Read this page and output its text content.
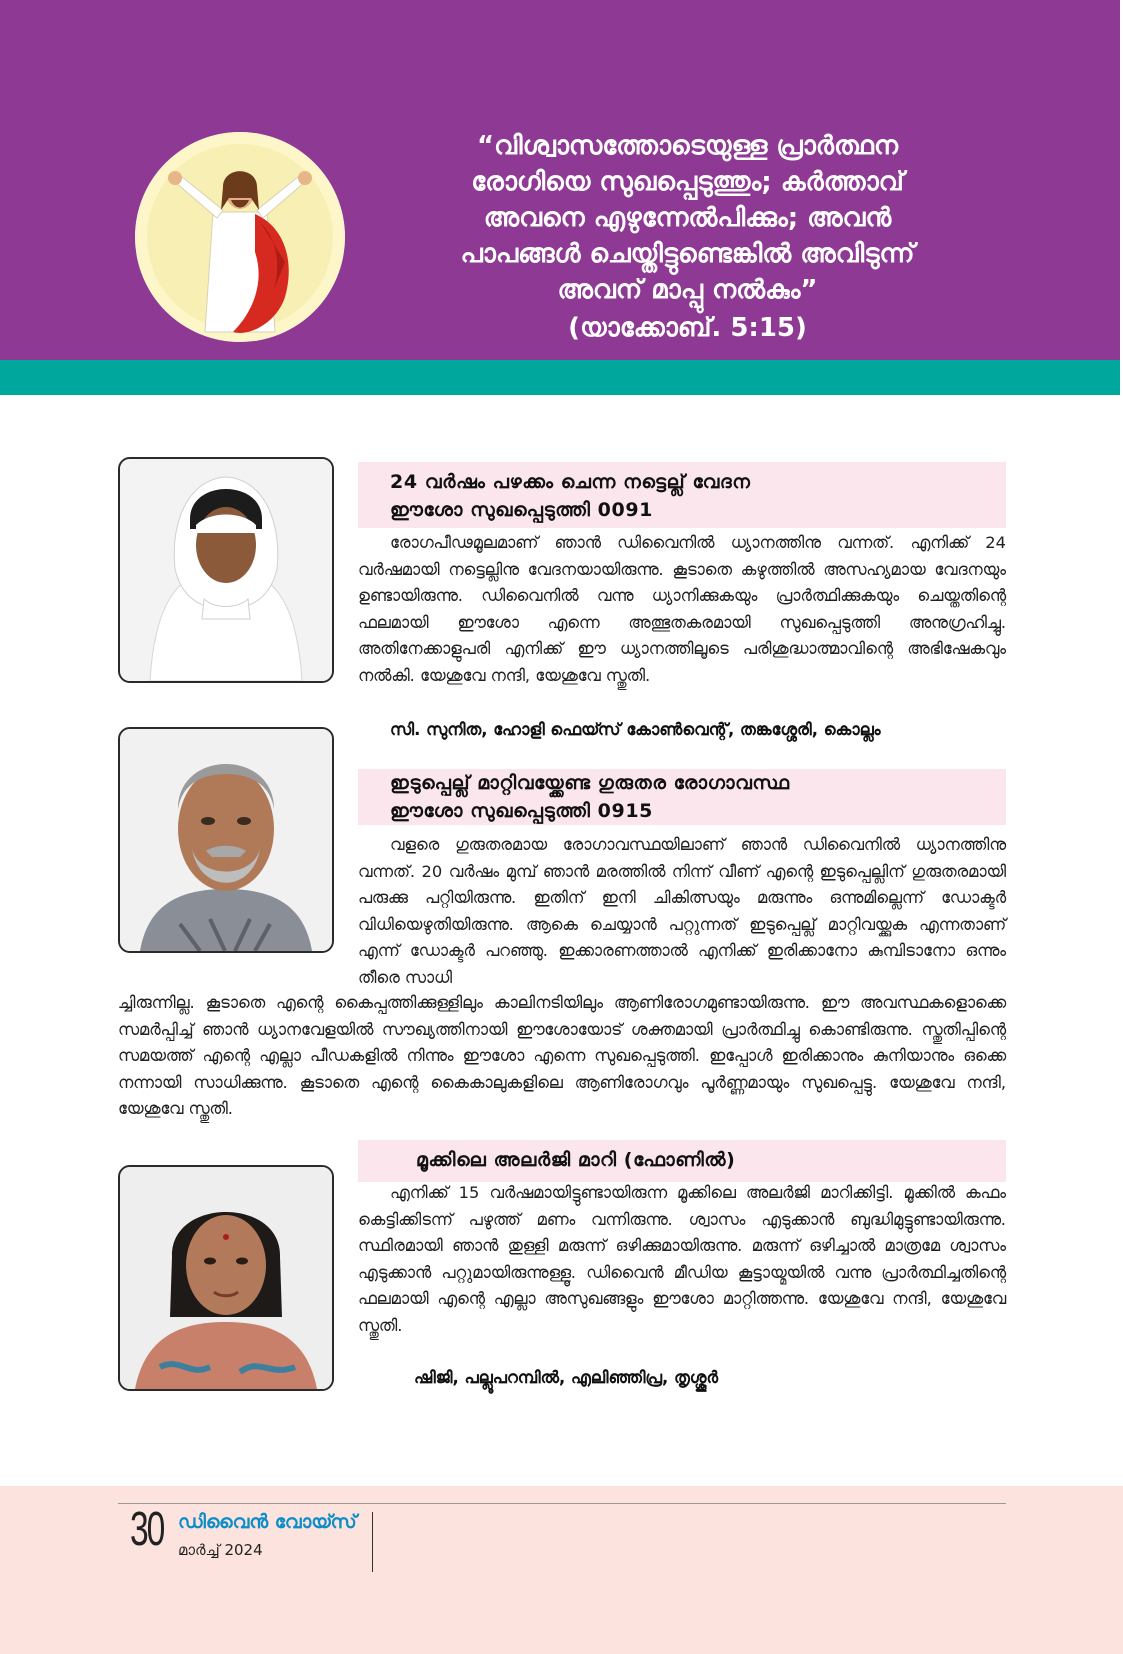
“വിശ്വാസത്തോടെയുള്ള പ്രാർത്ഥന
രോഗിയെ സുഖപ്പെടുത്തും; കർത്താവ്
അവനെ എഴുന്നേൽപിക്കും; അവൻ
പാപങ്ങൾ ചെയ്തിട്ടുണ്ടെങ്കിൽ അവിടുന്ന്
അവന് മാപ്പു നൽകും”
(യാക്കോബ്. 5:15)
24 വർഷം പഴക്കം ചെന്ന നട്ടെല്ല് വേദന
ഈശോ സുഖപ്പെടുത്തി 0091
രോഗപീഢമൂലമാണ് ഞാൻ ഡിവൈനിൽ ധ്യാനത്തിനു വന്നത്. എനിക്ക് 24 വർഷമായി നട്ടെല്ലിനു വേദനയായിരുന്നു. കൂടാതെ കഴുത്തിൽ അസഹ്യമായ വേദനയും ഉണ്ടായിരുന്നു. ഡിവൈനിൽ വന്നു ധ്യാനിക്കുകയും പ്രാർത്ഥിക്കുകയും ചെയ്തതിന്റെ ഫലമായി ഈശോ എന്നെ അത്ഭുതകരമായി സുഖപ്പെടുത്തി അനുഗ്രഹിച്ചു. അതിനേക്കാളുപരി എനിക്ക് ഈ ധ്യാനത്തിലൂടെ പരിശുദ്ധാത്മാവിന്റെ അഭിഷേകവും നൽകി. യേശുവേ നന്ദി, യേശുവേ സ്തുതി.
സി. സുനിത, ഹോളി ഫെയ്സ് കോൺവെന്റ്, തങ്കശ്ശേരി, കൊല്ലം
ഇടുപ്പെല്ല് മാറ്റിവയ്ക്കേണ്ട ഗുരുതര രോഗാവസ്ഥ
ഈശോ സുഖപ്പെടുത്തി 0915
വളരെ ഗുരുതരമായ രോഗാവസ്ഥയിലാണ് ഞാൻ ഡിവൈനിൽ ധ്യാനത്തിനു വന്നത്. 20 വർഷം മുമ്പ് ഞാൻ മരത്തിൽ നിന്ന് വീണ് എന്റെ ഇടുപ്പെല്ലിന് ഗുരുതരമായി പരുക്കു പറ്റിയിരുന്നു. ഇതിന് ഇനി ചികിത്സയും മരുന്നും ഒന്നുമില്ലെന്ന് ഡോക്ടർ വിധിയെഴുതിയിരുന്നു. ആകെ ചെയ്യാൻ പറ്റുന്നത് ഇടുപ്പെല്ല് മാറ്റിവയ്ക്കുക എന്നതാണ് എന്ന് ഡോക്ടർ പറഞ്ഞു. ഇക്കാരണത്താൽ എനിക്ക് ഇരിക്കാനോ കുമ്പിടാനോ ഒന്നും തീരെ സാധി
ച്ചിരുന്നില്ല. കൂടാതെ എന്റെ കൈപ്പത്തിക്കുള്ളിലും കാലിനടിയിലും ആണിരോഗമുണ്ടായിരുന്നു. ഈ അവസ്ഥകളൊക്കെ സമർപ്പിച്ച് ഞാൻ ധ്യാനവേളയിൽ സൗഖ്യത്തിനായി ഈശോയോട് ശക്തമായി പ്രാർത്ഥിച്ചു കൊണ്ടിരുന്നു. സ്തുതിപ്പിന്റെ സമയത്ത് എന്റെ എല്ലാ പീഡകളിൽ നിന്നും ഈശോ എന്നെ സുഖപ്പെടുത്തി. ഇപ്പോൾ ഇരിക്കാനും കുനിയാനും ഒക്കെ നന്നായി സാധിക്കുന്നു. കൂടാതെ എന്റെ കൈകാലുകളിലെ ആണിരോഗവും പൂർണ്ണമായും സുഖപ്പെട്ടു. യേശുവേ നന്ദി, യേശുവേ സ്തുതി.
മൂക്കിലെ അലർജി മാറി (ഫോണിൽ)
എനിക്ക് 15 വർഷമായിട്ടുണ്ടായിരുന്ന മൂക്കിലെ അലർജി മാറിക്കിട്ടി. മൂക്കിൽ കഫം കെട്ടിക്കിടന്ന് പഴുത്ത് മണം വന്നിരുന്നു. ശ്വാസം എടുക്കാൻ ബുദ്ധിമുട്ടുണ്ടായിരുന്നു. സ്ഥിരമായി ഞാൻ തുള്ളി മരുന്ന് ഒഴിക്കുമായിരുന്നു. മരുന്ന് ഒഴിച്ചാൽ മാത്രമേ ശ്വാസം എടുക്കാൻ പറ്റുമായിരുന്നുള്ളൂ. ഡിവൈൻ മീഡിയ കൂട്ടായ്മയിൽ വന്നു പ്രാർത്ഥിച്ചതിന്റെ ഫലമായി എന്റെ എല്ലാ അസുഖങ്ങളും ഈശോ മാറ്റിത്തന്നു. യേശുവേ നന്ദി, യേശുവേ സ്തുതി.
ഷിജി, പല്ലൂപറമ്പിൽ, എലിഞ്ഞിപ്ര, തൃശ്ശൂർ
30 ഡിവൈൻ വോയ്സ്
മാർച്ച് 2024
